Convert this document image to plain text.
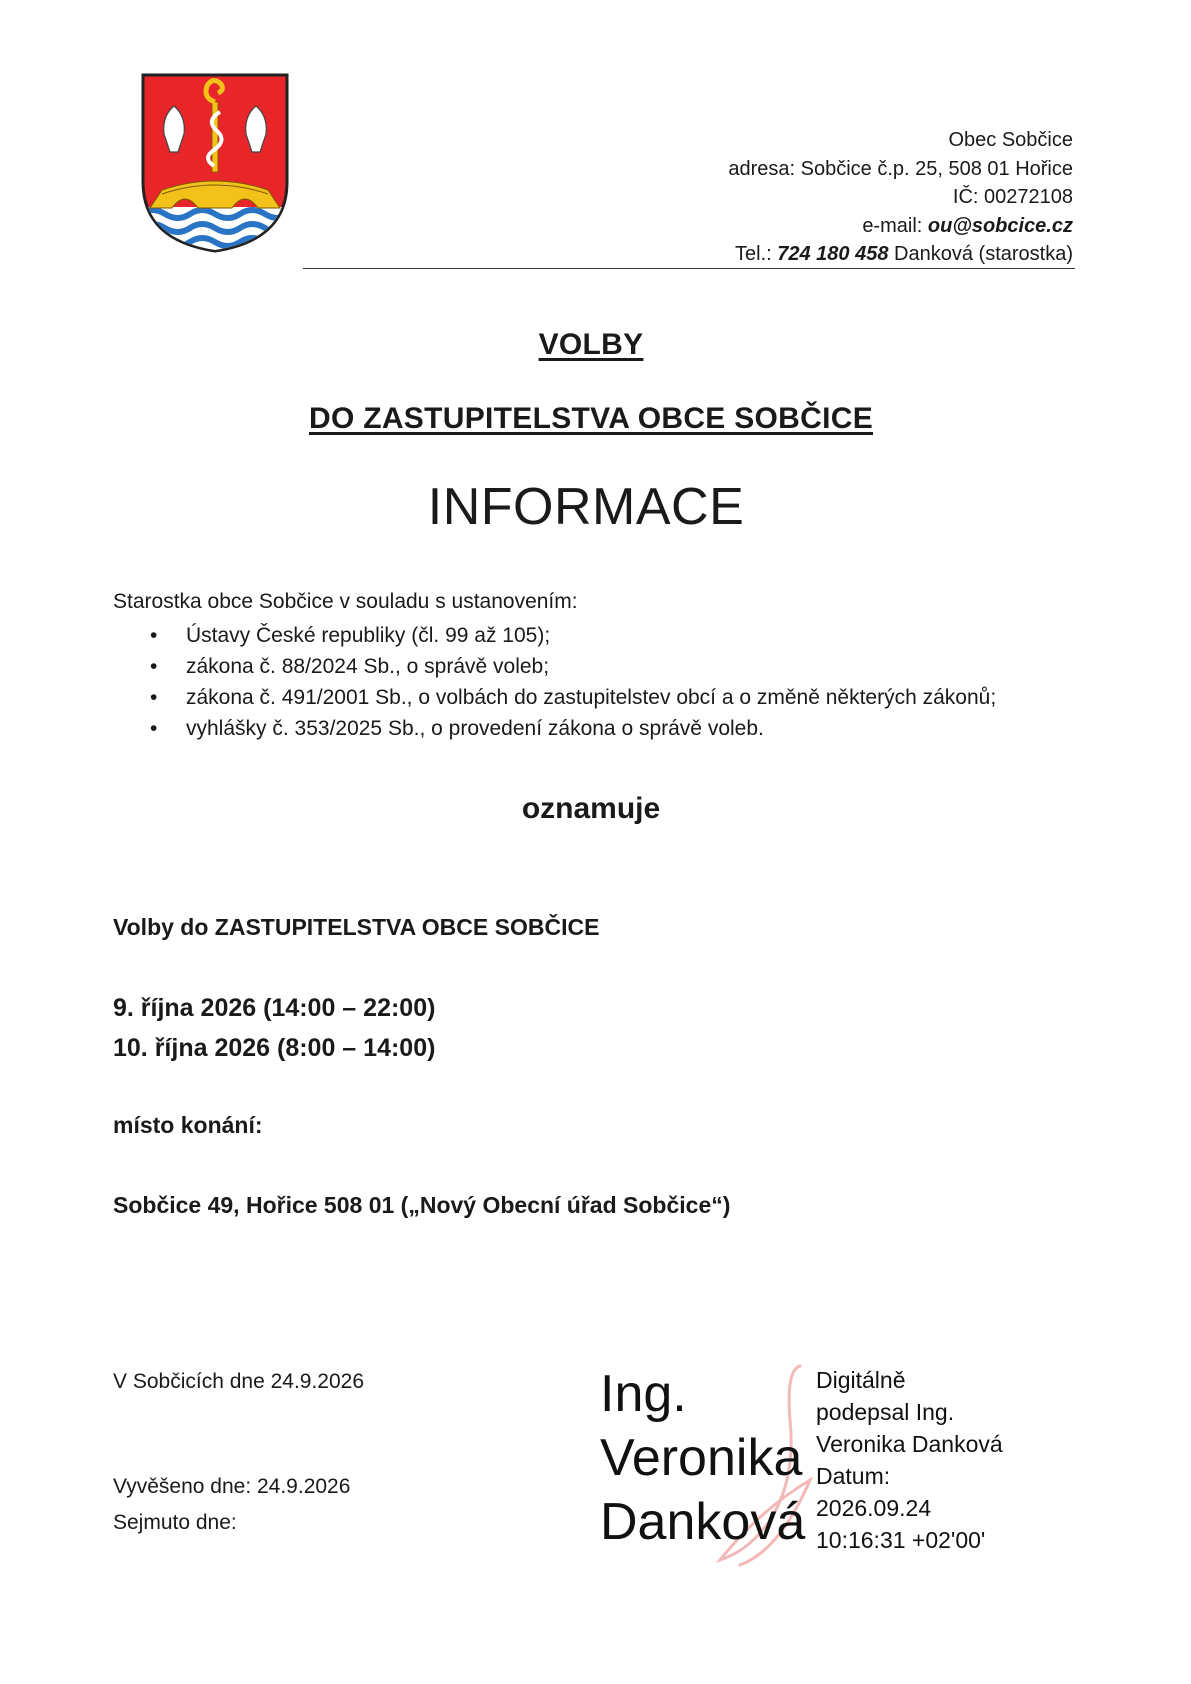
Obec Sobčice
adresa: Sobčice č.p. 25, 508 01 Hořice
IČ: 00272108
e-mail: ou@sobcice.cz
Tel.: 724 180 458 Danková (starostka)
VOLBY
DO ZASTUPITELSTVA OBCE SOBČICE
INFORMACE
Starostka obce Sobčice v souladu s ustanovením:
• Ústavy České republiky (čl. 99 až 105);
• zákona č. 88/2024 Sb., o správě voleb;
• zákona č. 491/2001 Sb., o volbách do zastupitelstev obcí a o změně některých zákonů;
• vyhlášky č. 353/2025 Sb., o provedení zákona o správě voleb.
oznamuje
Volby do ZASTUPITELSTVA OBCE SOBČICE
9. října 2026 (14:00 – 22:00)
10. října 2026 (8:00 – 14:00)
místo konání:
Sobčice 49, Hořice 508 01 („Nový Obecní úřad Sobčice“)
V Sobčicích dne 24.9.2026
Vyvěšeno dne: 24.9.2026
Sejmuto dne:
Ing.
Veronika
Danková
Digitálně
podepsal Ing.
Veronika Danková
Datum:
2026.09.24
10:16:31 +02'00'
